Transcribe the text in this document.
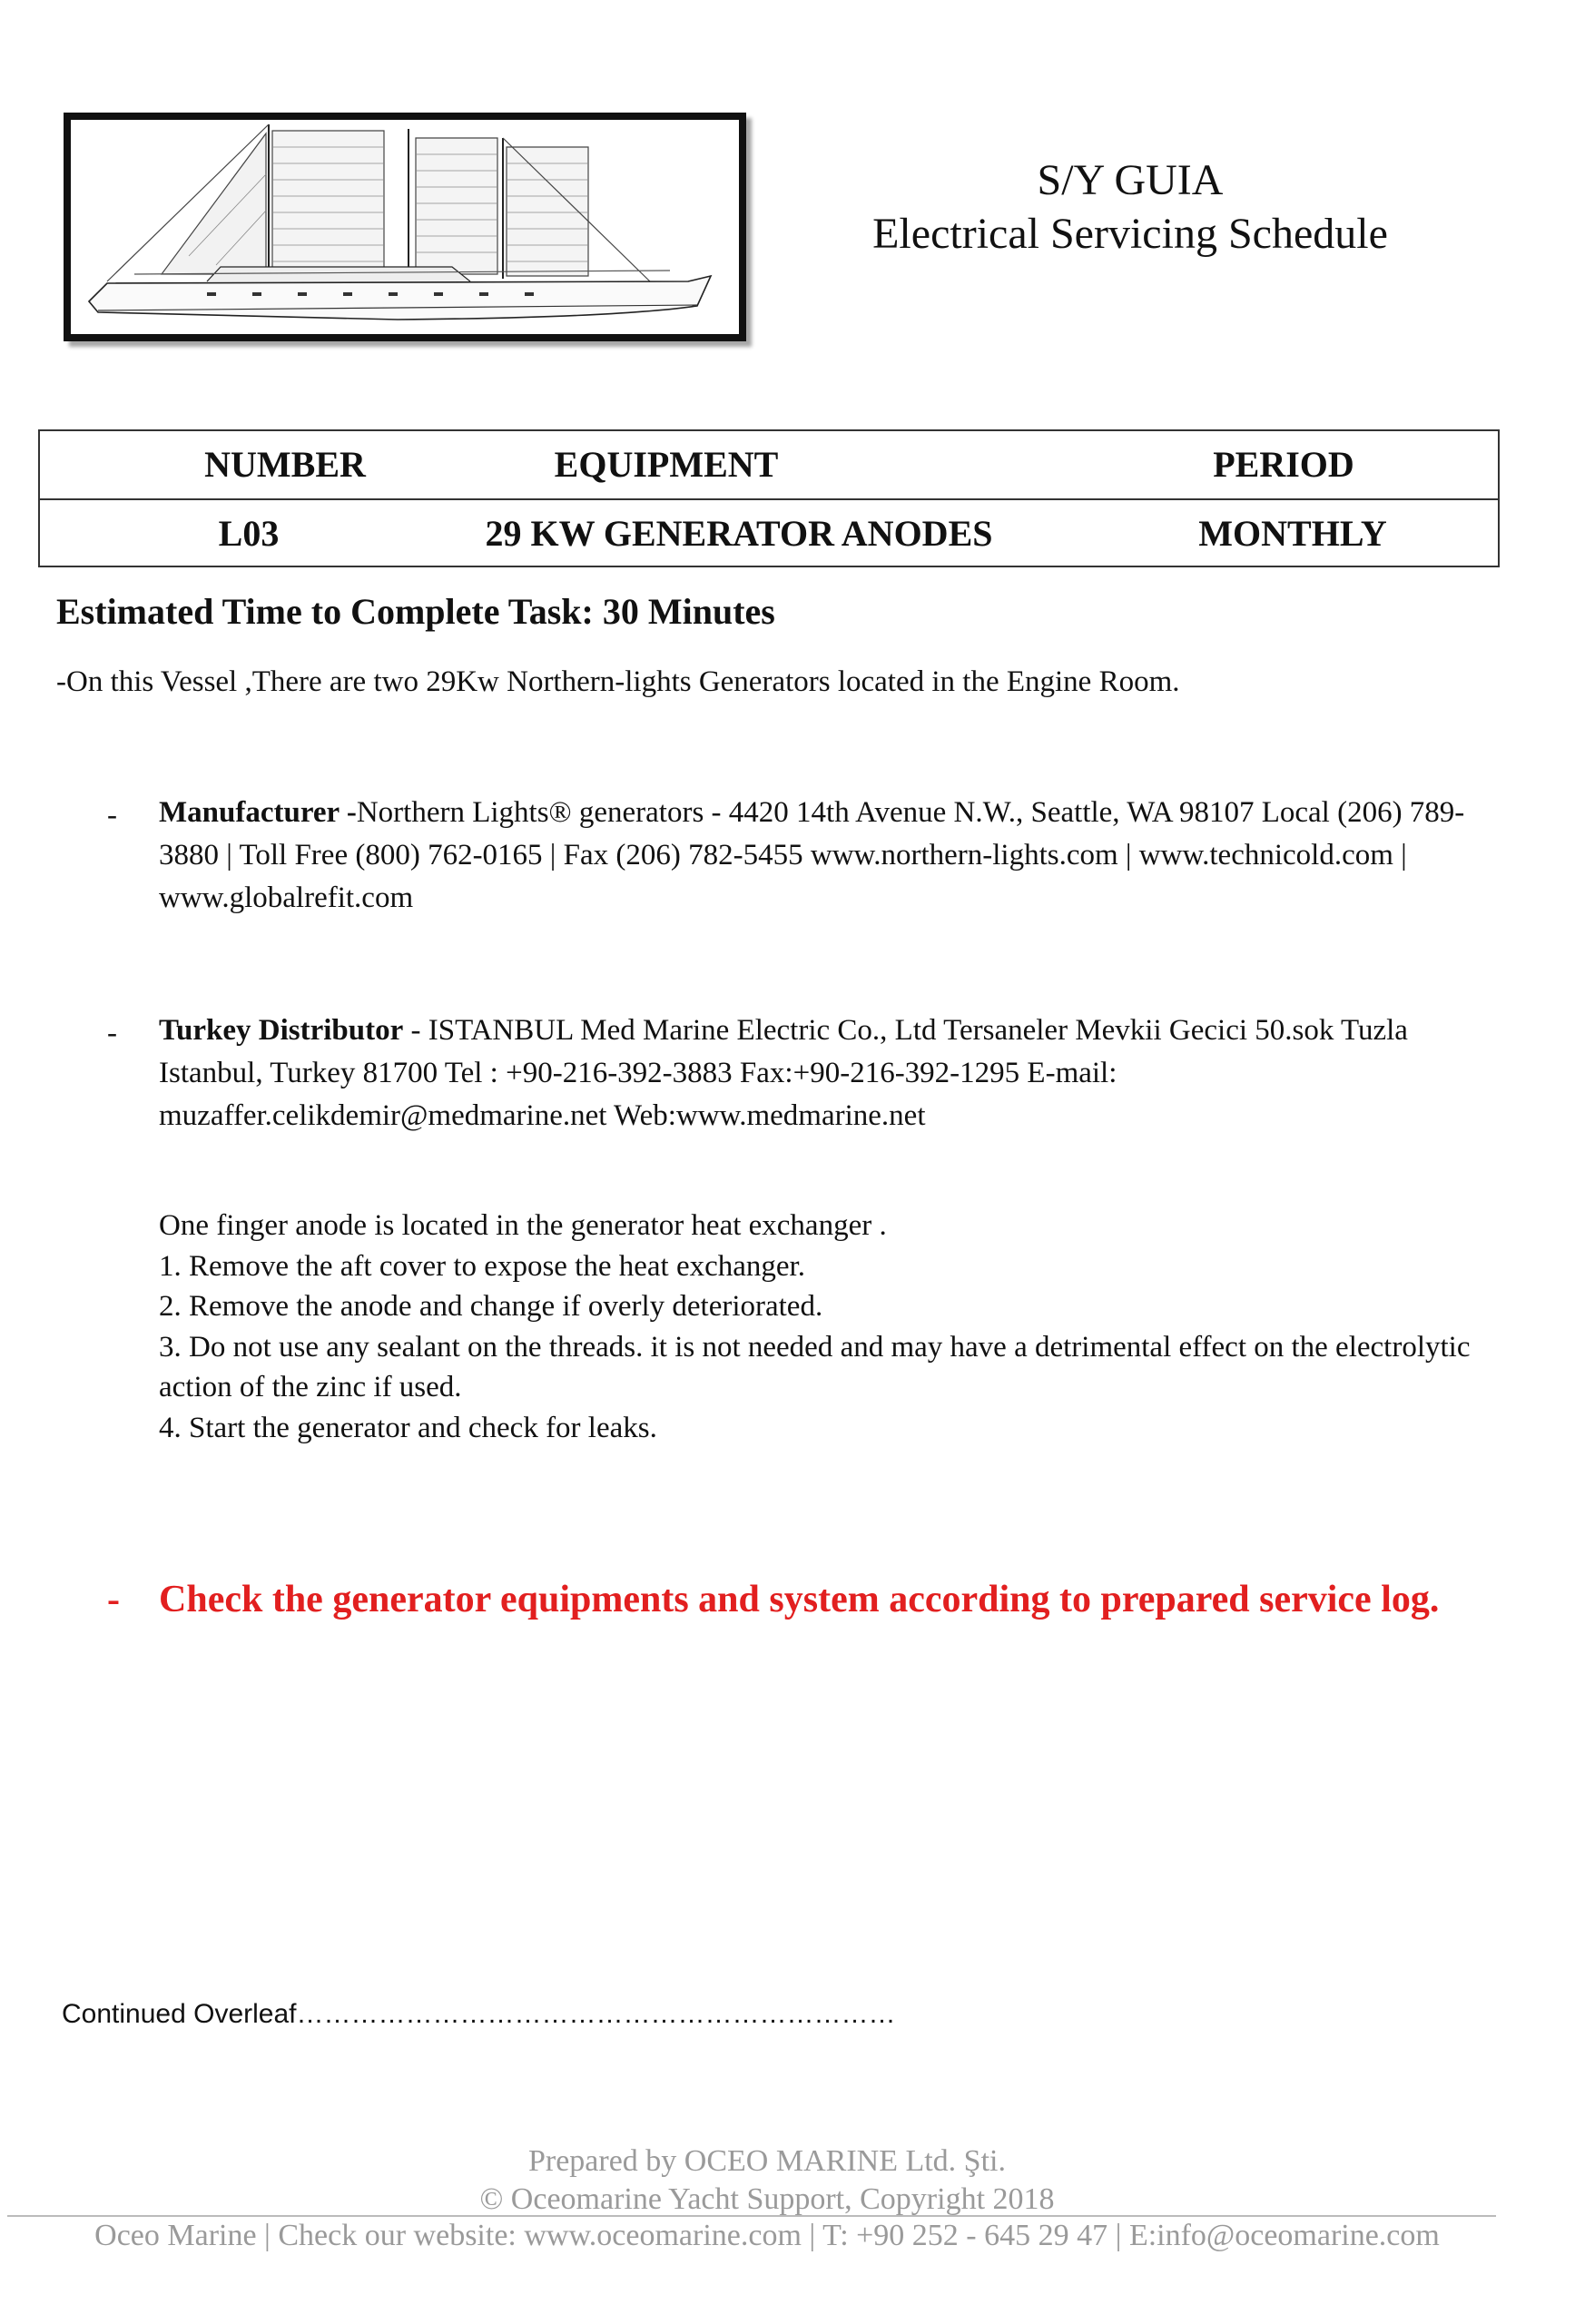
S/Y GUIA
Electrical Servicing Schedule
NUMBER	EQUIPMENT	PERIOD
L03	29 KW GENERATOR ANODES	MONTHLY
Estimated Time to Complete Task: 30 Minutes
-On this Vessel ,There are two 29Kw Northern-lights Generators located in the Engine Room.
- Manufacturer -Northern Lights® generators - 4420 14th Avenue N.W., Seattle, WA 98107 Local (206) 789-3880 | Toll Free (800) 762-0165 | Fax (206) 782-5455 www.northern-lights.com | www.technicold.com | www.globalrefit.com
- Turkey Distributor - ISTANBUL Med Marine Electric Co., Ltd Tersaneler Mevkii Gecici 50.sok Tuzla Istanbul, Turkey 81700 Tel : +90-216-392-3883 Fax:+90-216-392-1295 E-mail: muzaffer.celikdemir@medmarine.net Web:www.medmarine.net
One finger anode is located in the generator heat exchanger .
1. Remove the aft cover to expose the heat exchanger.
2. Remove the anode and change if overly deteriorated.
3. Do not use any sealant on the threads. it is not needed and may have a detrimental effect on the electrolytic action of the zinc if used.
4. Start the generator and check for leaks.
- Check the generator equipments and system according to prepared service log.
Continued Overleaf…………………………………………………………
Prepared by OCEO MARINE Ltd. Şti.
© Oceomarine Yacht Support, Copyright 2018
Oceo Marine | Check our website: www.oceomarine.com | T: +90 252 - 645 29 47 | E:info@oceomarine.com
